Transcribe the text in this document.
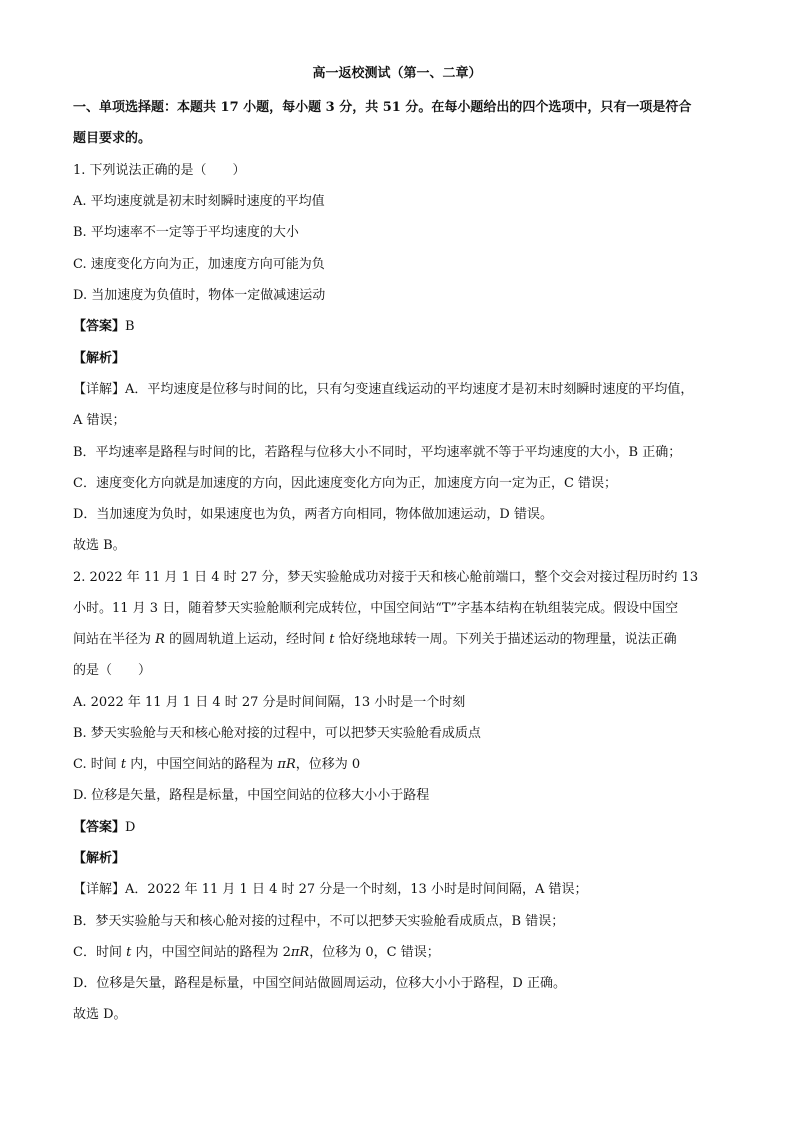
高一返校测试（第一、二章）
一、单项选择题：本题共 17 小题，每小题 3 分，共 51 分。在每小题给出的四个选项中，只有一项是符合
题目要求的。
1. 下列说法正确的是（　　）
A. 平均速度就是初末时刻瞬时速度的平均值
B. 平均速率不一定等于平均速度的大小
C. 速度变化方向为正，加速度方向可能为负
D. 当加速度为负值时，物体一定做减速运动
【答案】B
【解析】
【详解】A．平均速度是位移与时间的比，只有匀变速直线运动的平均速度才是初末时刻瞬时速度的平均值，
A 错误；
B．平均速率是路程与时间的比，若路程与位移大小不同时，平均速率就不等于平均速度的大小，B 正确；
C．速度变化方向就是加速度的方向，因此速度变化方向为正，加速度方向一定为正，C 错误；
D．当加速度为负时，如果速度也为负，两者方向相同，物体做加速运动，D 错误。
故选 B。
2. 2022 年 11 月 1 日 4 时 27 分，梦天实验舱成功对接于天和核心舱前端口，整个交会对接过程历时约 13
小时。11 月 3 日，随着梦天实验舱顺利完成转位，中国空间站“T”字基本结构在轨组装完成。假设中国空
间站在半径为 R 的圆周轨道上运动，经时间 t 恰好绕地球转一周。下列关于描述运动的物理量，说法正确
的是（　　）
A. 2022 年 11 月 1 日 4 时 27 分是时间间隔，13 小时是一个时刻
B. 梦天实验舱与天和核心舱对接的过程中，可以把梦天实验舱看成质点
C. 时间 t 内，中国空间站的路程为 πR，位移为 0
D. 位移是矢量，路程是标量，中国空间站的位移大小小于路程
【答案】D
【解析】
【详解】A．2022 年 11 月 1 日 4 时 27 分是一个时刻，13 小时是时间间隔，A 错误；
B．梦天实验舱与天和核心舱对接的过程中，不可以把梦天实验舱看成质点，B 错误；
C．时间 t 内，中国空间站的路程为 2πR，位移为 0，C 错误；
D．位移是矢量，路程是标量，中国空间站做圆周运动，位移大小小于路程，D 正确。
故选 D。
